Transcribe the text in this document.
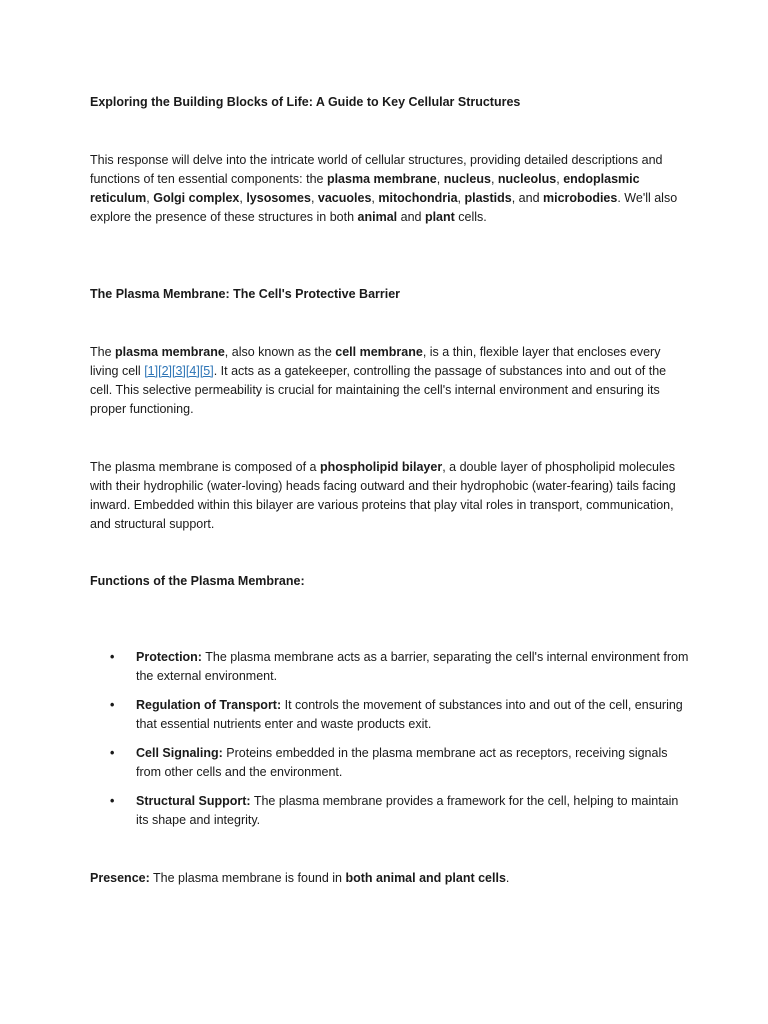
Exploring the Building Blocks of Life: A Guide to Key Cellular Structures

This response will delve into the intricate world of cellular structures, providing detailed descriptions and functions of ten essential components: the plasma membrane, nucleus, nucleolus, endoplasmic reticulum, Golgi complex, lysosomes, vacuoles, mitochondria, plastids, and microbodies. We'll also explore the presence of these structures in both animal and plant cells.

The Plasma Membrane: The Cell's Protective Barrier

The plasma membrane, also known as the cell membrane, is a thin, flexible layer that encloses every living cell [1][2][3][4][5]. It acts as a gatekeeper, controlling the passage of substances into and out of the cell. This selective permeability is crucial for maintaining the cell's internal environment and ensuring its proper functioning.

The plasma membrane is composed of a phospholipid bilayer, a double layer of phospholipid molecules with their hydrophilic (water-loving) heads facing outward and their hydrophobic (water-fearing) tails facing inward. Embedded within this bilayer are various proteins that play vital roles in transport, communication, and structural support.

Functions of the Plasma Membrane:

• Protection: The plasma membrane acts as a barrier, separating the cell's internal environment from the external environment.
• Regulation of Transport: It controls the movement of substances into and out of the cell, ensuring that essential nutrients enter and waste products exit.
• Cell Signaling: Proteins embedded in the plasma membrane act as receptors, receiving signals from other cells and the environment.
• Structural Support: The plasma membrane provides a framework for the cell, helping to maintain its shape and integrity.

Presence: The plasma membrane is found in both animal and plant cells.
